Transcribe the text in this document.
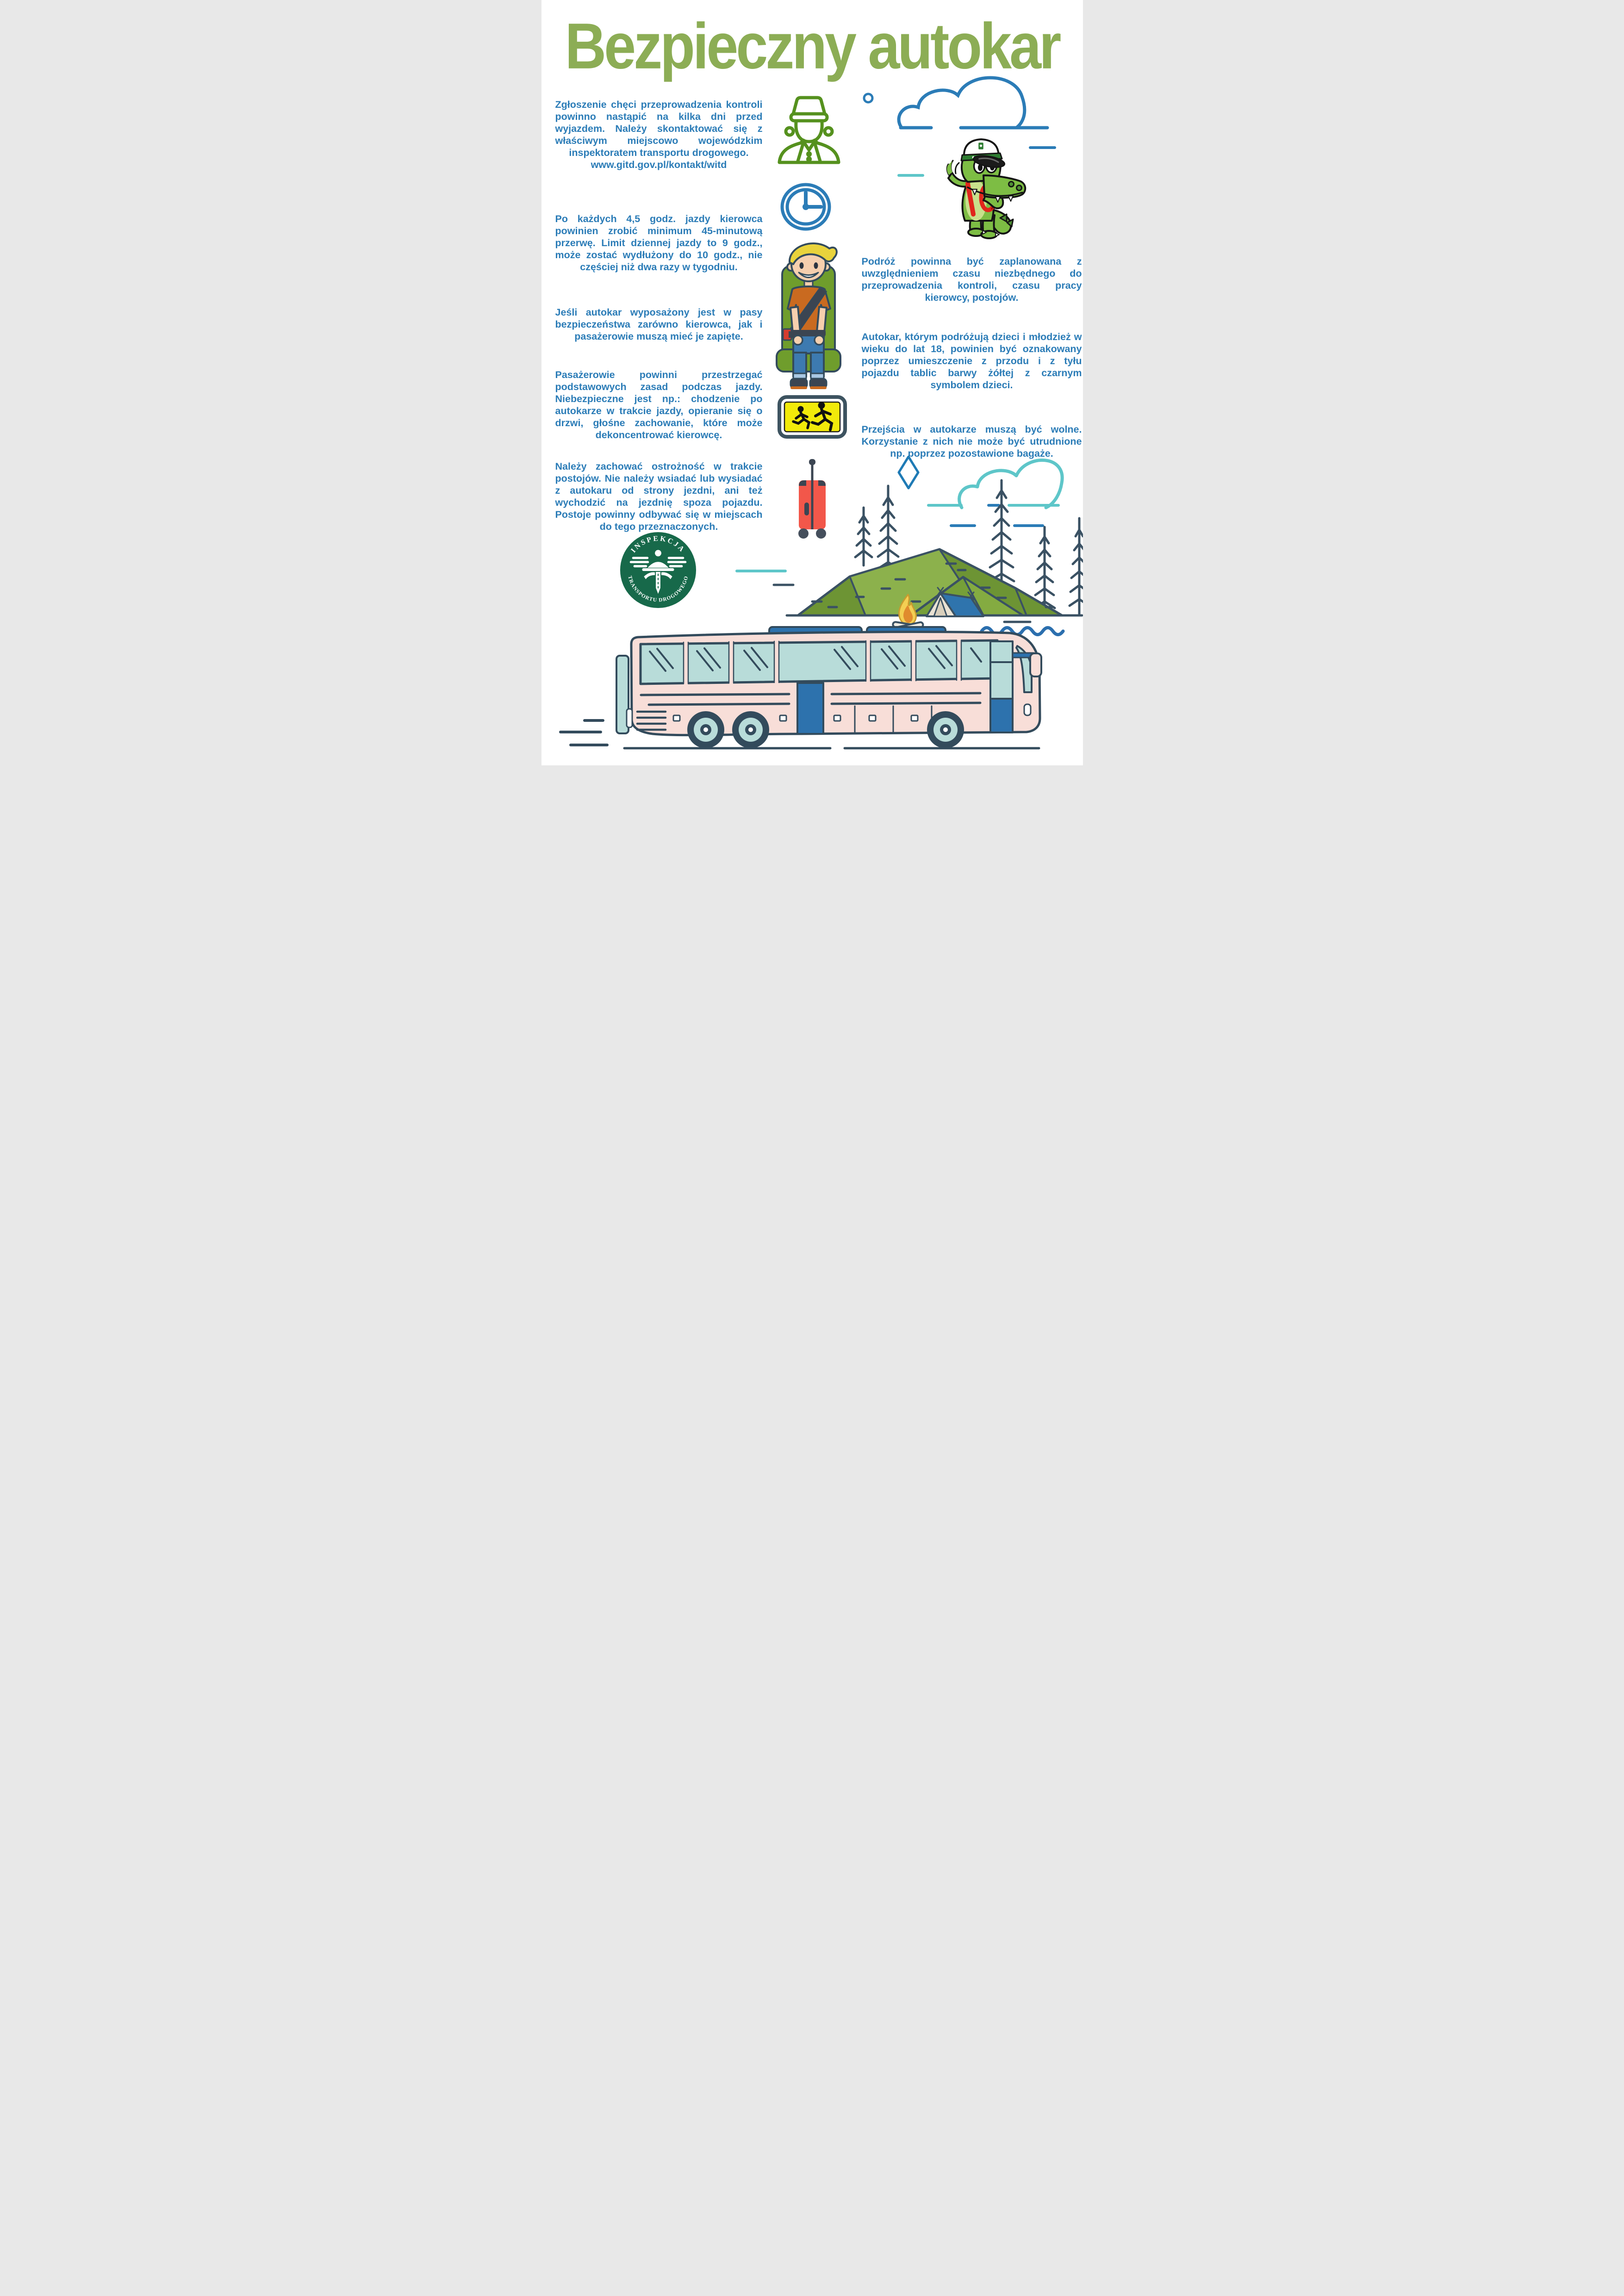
Bezpieczny autokar
Zgłoszenie chęci przeprowadzenia kontroli powinno nastąpić na kilka dni przed wyjazdem. Należy skontaktować się z właściwym miejscowo wojewódzkim inspektoratem transportu drogowego.
www.gitd.gov.pl/kontakt/witd
Po każdych 4,5 godz. jazdy kierowca powinien zrobić minimum 45-minutową przerwę. Limit dziennej jazdy to 9 godz., może zostać wydłużony do 10 godz., nie częściej niż dwa razy w tygodniu.
Jeśli autokar wyposażony jest w pasy bezpieczeństwa zarówno kierowca, jak i pasażerowie muszą mieć je zapięte.
Pasażerowie powinni przestrzegać podstawowych zasad podczas jazdy. Niebezpieczne jest np.: chodzenie po autokarze w trakcie jazdy, opieranie się o drzwi, głośne zachowanie, które może dekoncentrować kierowcę.
Należy zachować ostrożność w trakcie postojów. Nie należy wsiadać lub wysiadać z autokaru od strony jezdni, ani też wychodzić na jezdnię spoza pojazdu. Postoje powinny odbywać się w miejscach do tego przeznaczonych.
Podróż powinna być zaplanowana z uwzględnieniem czasu niezbędnego do przeprowadzenia kontroli, czasu pracy kierowcy, postojów.
Autokar, którym podróżują dzieci i młodzież w wieku do lat 18, powinien być oznakowany poprzez umieszczenie z przodu i z tyłu pojazdu tablic barwy żółtej z czarnym symbolem dzieci.
Przejścia w autokarze muszą być wolne. Korzystanie z nich nie może być utrudnione np. poprzez pozostawione bagaże.
INSPEKCJA
TRANSPORTU DROGOWEGO
